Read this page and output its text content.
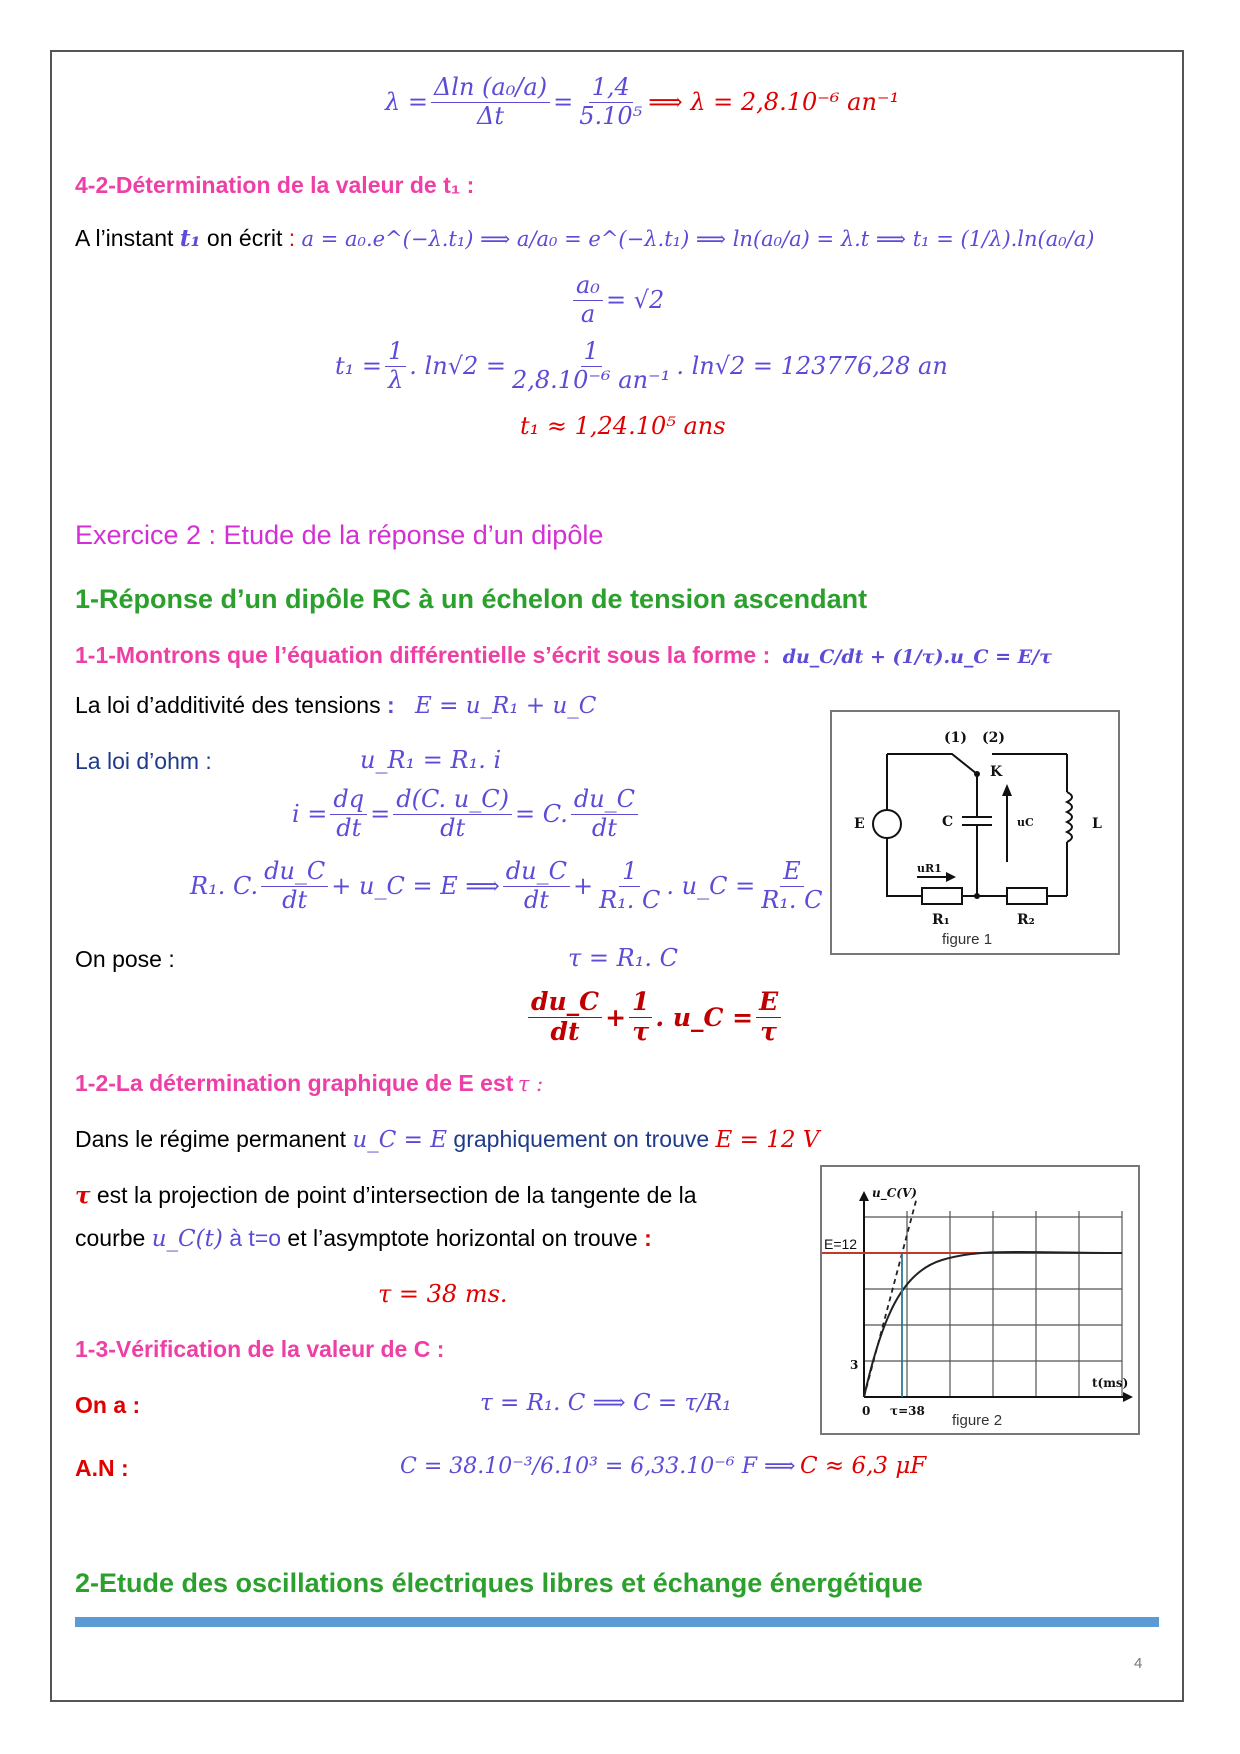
$\lambda = \frac{\text{Δln (a₀/a)}}{\Delta t} = \frac{1,4}{\text{5.10⁵}}$ ⟹ λ = 2,8.10⁻⁶ an⁻¹
4-2-Détermination de la valeur de t₁ :
A l’instant t₁ on écrit : a = a₀.e^(−λ.t₁) ⟹ a/a₀ = e^(−λ.t₁) ⟹ ln(a₀/a) = λ.t ⟹ t₁ = (1/λ).ln(a₀/a)
$\frac{\text{a₀}}{a} = √2$
$t_1 = \frac{1}{\lambda}$ . $\ln√2 = \frac{1}{\text{2,8.10⁻⁶ an⁻¹}}$ . ln√2 = 123776,28 an
t₁ ≈ 1,24.10⁵ ans
Exercice 2 : Etude de la réponse d’un dipôle
1-Réponse d’un dipôle RC à un échelon de tension ascendant
1-1-Montrons que l’équation différentielle s’écrit sous la forme : du_C/dt + (1/τ).u_C = E/τ
La loi d’additivité des tensions : E = u_R₁ + u_C
La loi d’ohm :	u_R₁ = R₁. i
$i = \frac{dq}{dt} = \frac{d(C. u\_C)}{dt} = C$. $\frac{du\_C}{dt}$
R₁. C. $\frac{du\_C}{dt}$ + u_C = E ⟹ $\frac{du\_C}{dt} + \frac{1}{\text{R₁. C}}$ . u_C = $\frac{E}{\text{R₁. C}}$
On pose :	τ = R₁. C
$\frac{du\_C}{dt} + \frac{1}{\tau}$ . u_C = $\frac{E}{\tau}$
1-2-La détermination graphique de E est τ :
Dans le régime permanent u_C = E graphiquement on trouve E = 12 V
τ est la projection de point d’intersection de la tangente de la
courbe u_C(t) à t=o et l’asymptote horizontal on trouve :
τ = 38 ms.
1-3-Vérification de la valeur de C :
On a :	τ = R₁. C ⟹ C = τ/R₁
A.N :	C = 38.10⁻³/6.10³ = 6,33.10⁻⁶ F ⟹ C ≈ 6,3 μF
2-Etude des oscillations électriques libres et échange énergétique
4
(1) (2)
K
E	C	uC	L
uR1
R₁	R₂
figure 1
u_C(V)
t(ms)
3
0 τ=38
E=12
figure 2
